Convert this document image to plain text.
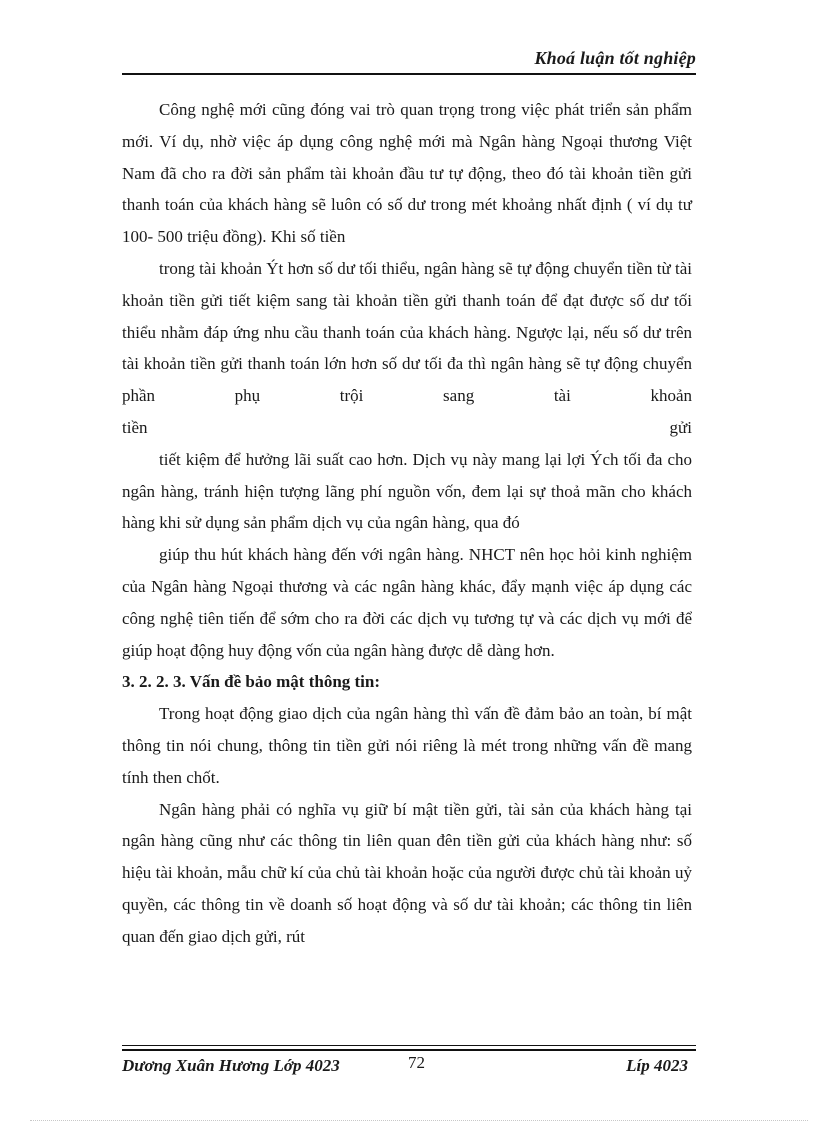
Khoá luận tốt nghiệp

Công nghệ mới cũng đóng vai trò quan trọng trong việc phát triển sản phẩm mới. Ví dụ, nhờ việc áp dụng công nghệ mới mà Ngân hàng Ngoại thương Việt Nam đã cho ra đời sản phẩm tài khoản đầu tư tự động, theo đó tài khoản tiền gửi thanh toán của khách hàng sẽ luôn có số dư trong mét khoảng nhất định ( ví dụ tư 100- 500 triệu đồng). Khi số tiền

trong tài khoản Ýt hơn số dư tối thiểu, ngân hàng sẽ tự động chuyển tiền từ tài khoản tiền gửi tiết kiệm sang tài khoản tiền gửi thanh toán để đạt được số dư tối thiểu nhằm đáp ứng nhu cầu thanh toán của khách hàng. Ngược lại, nếu số dư trên tài khoản tiền gửi thanh toán lớn hơn số dư tối đa thì ngân hàng sẽ tự động chuyển phần phụ trội sang tài khoản

tiền gửi

tiết kiệm để hưởng lãi suất cao hơn. Dịch vụ này mang lại lợi Ých tối đa cho ngân hàng, tránh hiện tượng lãng phí nguồn vốn, đem lại sự thoả mãn cho khách hàng khi sử dụng sản phẩm dịch vụ của ngân hàng, qua đó

giúp thu hút khách hàng đến với ngân hàng. NHCT nên học hỏi kinh nghiệm của Ngân hàng Ngoại thương và các ngân hàng khác, đẩy mạnh việc áp dụng các công nghệ tiên tiến để sớm cho ra đời các dịch vụ tương tự và các dịch vụ mới để giúp hoạt động huy động vốn của ngân hàng được dễ dàng hơn.

3. 2. 2. 3. Vấn đề bảo mật thông tin:

Trong hoạt động giao dịch của ngân hàng thì vấn đề đảm bảo an toàn, bí mật thông tin nói chung, thông tin tiền gửi nói riêng là mét trong những vấn đề mang tính then chốt.

Ngân hàng phải có nghĩa vụ giữ bí mật tiền gửi, tài sản của khách hàng tại ngân hàng cũng như các thông tin liên quan đên tiền gửi của khách hàng như: số hiệu tài khoản, mẫu chữ kí của chủ tài khoản hoặc của người được chủ tài khoản uỷ quyền, các thông tin về doanh số hoạt động và số dư tài khoản; các thông tin liên quan đến giao dịch gửi, rút

Dương Xuân Hương Lớp 4023	72	Líp 4023
